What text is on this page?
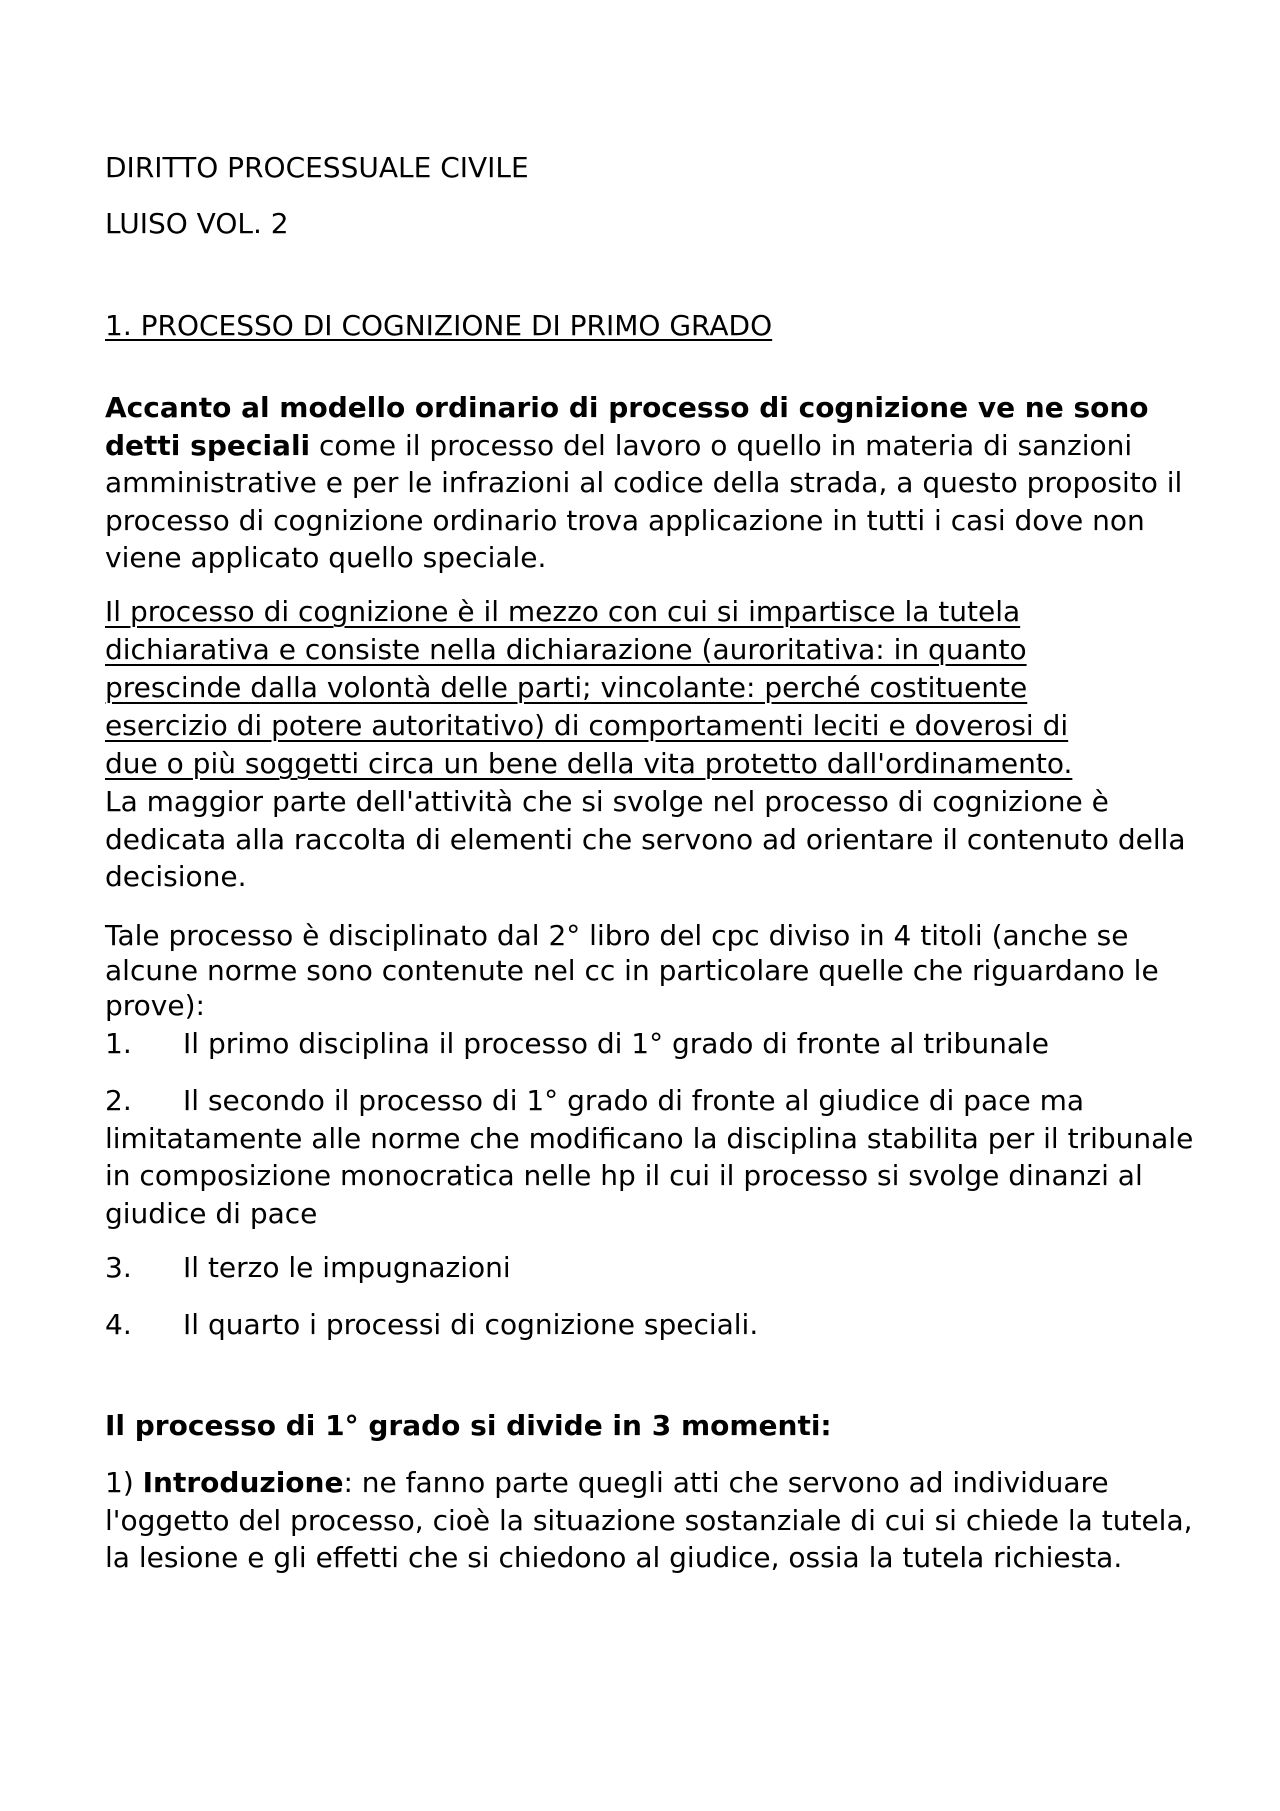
DIRITTO PROCESSUALE CIVILE
LUISO VOL. 2
1. PROCESSO DI COGNIZIONE DI PRIMO GRADO

Accanto al modello ordinario di processo di cognizione ve ne sono detti speciali come il processo del lavoro o quello in materia di sanzioni amministrative e per le infrazioni al codice della strada, a questo proposito il processo di cognizione ordinario trova applicazione in tutti i casi dove non viene applicato quello speciale.

Il processo di cognizione è il mezzo con cui si impartisce la tutela
dichiarativa e consiste nella dichiarazione (auroritativa: in quanto
prescinde dalla volontà delle parti; vincolante: perché costituente
esercizio di potere autoritativo) di comportamenti leciti e doverosi di
due o più soggetti circa un bene della vita protetto dall'ordinamento.
La maggior parte dell'attività che si svolge nel processo di cognizione è dedicata alla raccolta di elementi che servono ad orientare il contenuto della decisione.
Tale processo è disciplinato dal 2° libro del cpc diviso in 4 titoli (anche se alcune norme sono contenute nel cc in particolare quelle che riguardano le prove):
1. Il primo disciplina il processo di 1° grado di fronte al tribunale
2. Il secondo il processo di 1° grado di fronte al giudice di pace ma limitatamente alle norme che modificano la disciplina stabilita per il tribunale in composizione monocratica nelle hp il cui il processo si svolge dinanzi al giudice di pace
3. Il terzo le impugnazioni
4. Il quarto i processi di cognizione speciali.
Il processo di 1° grado si divide in 3 momenti:

1) Introduzione: ne fanno parte quegli atti che servono ad individuare l'oggetto del processo, cioè la situazione sostanziale di cui si chiede la tutela, la lesione e gli effetti che si chiedono al giudice, ossia la tutela richiesta.
